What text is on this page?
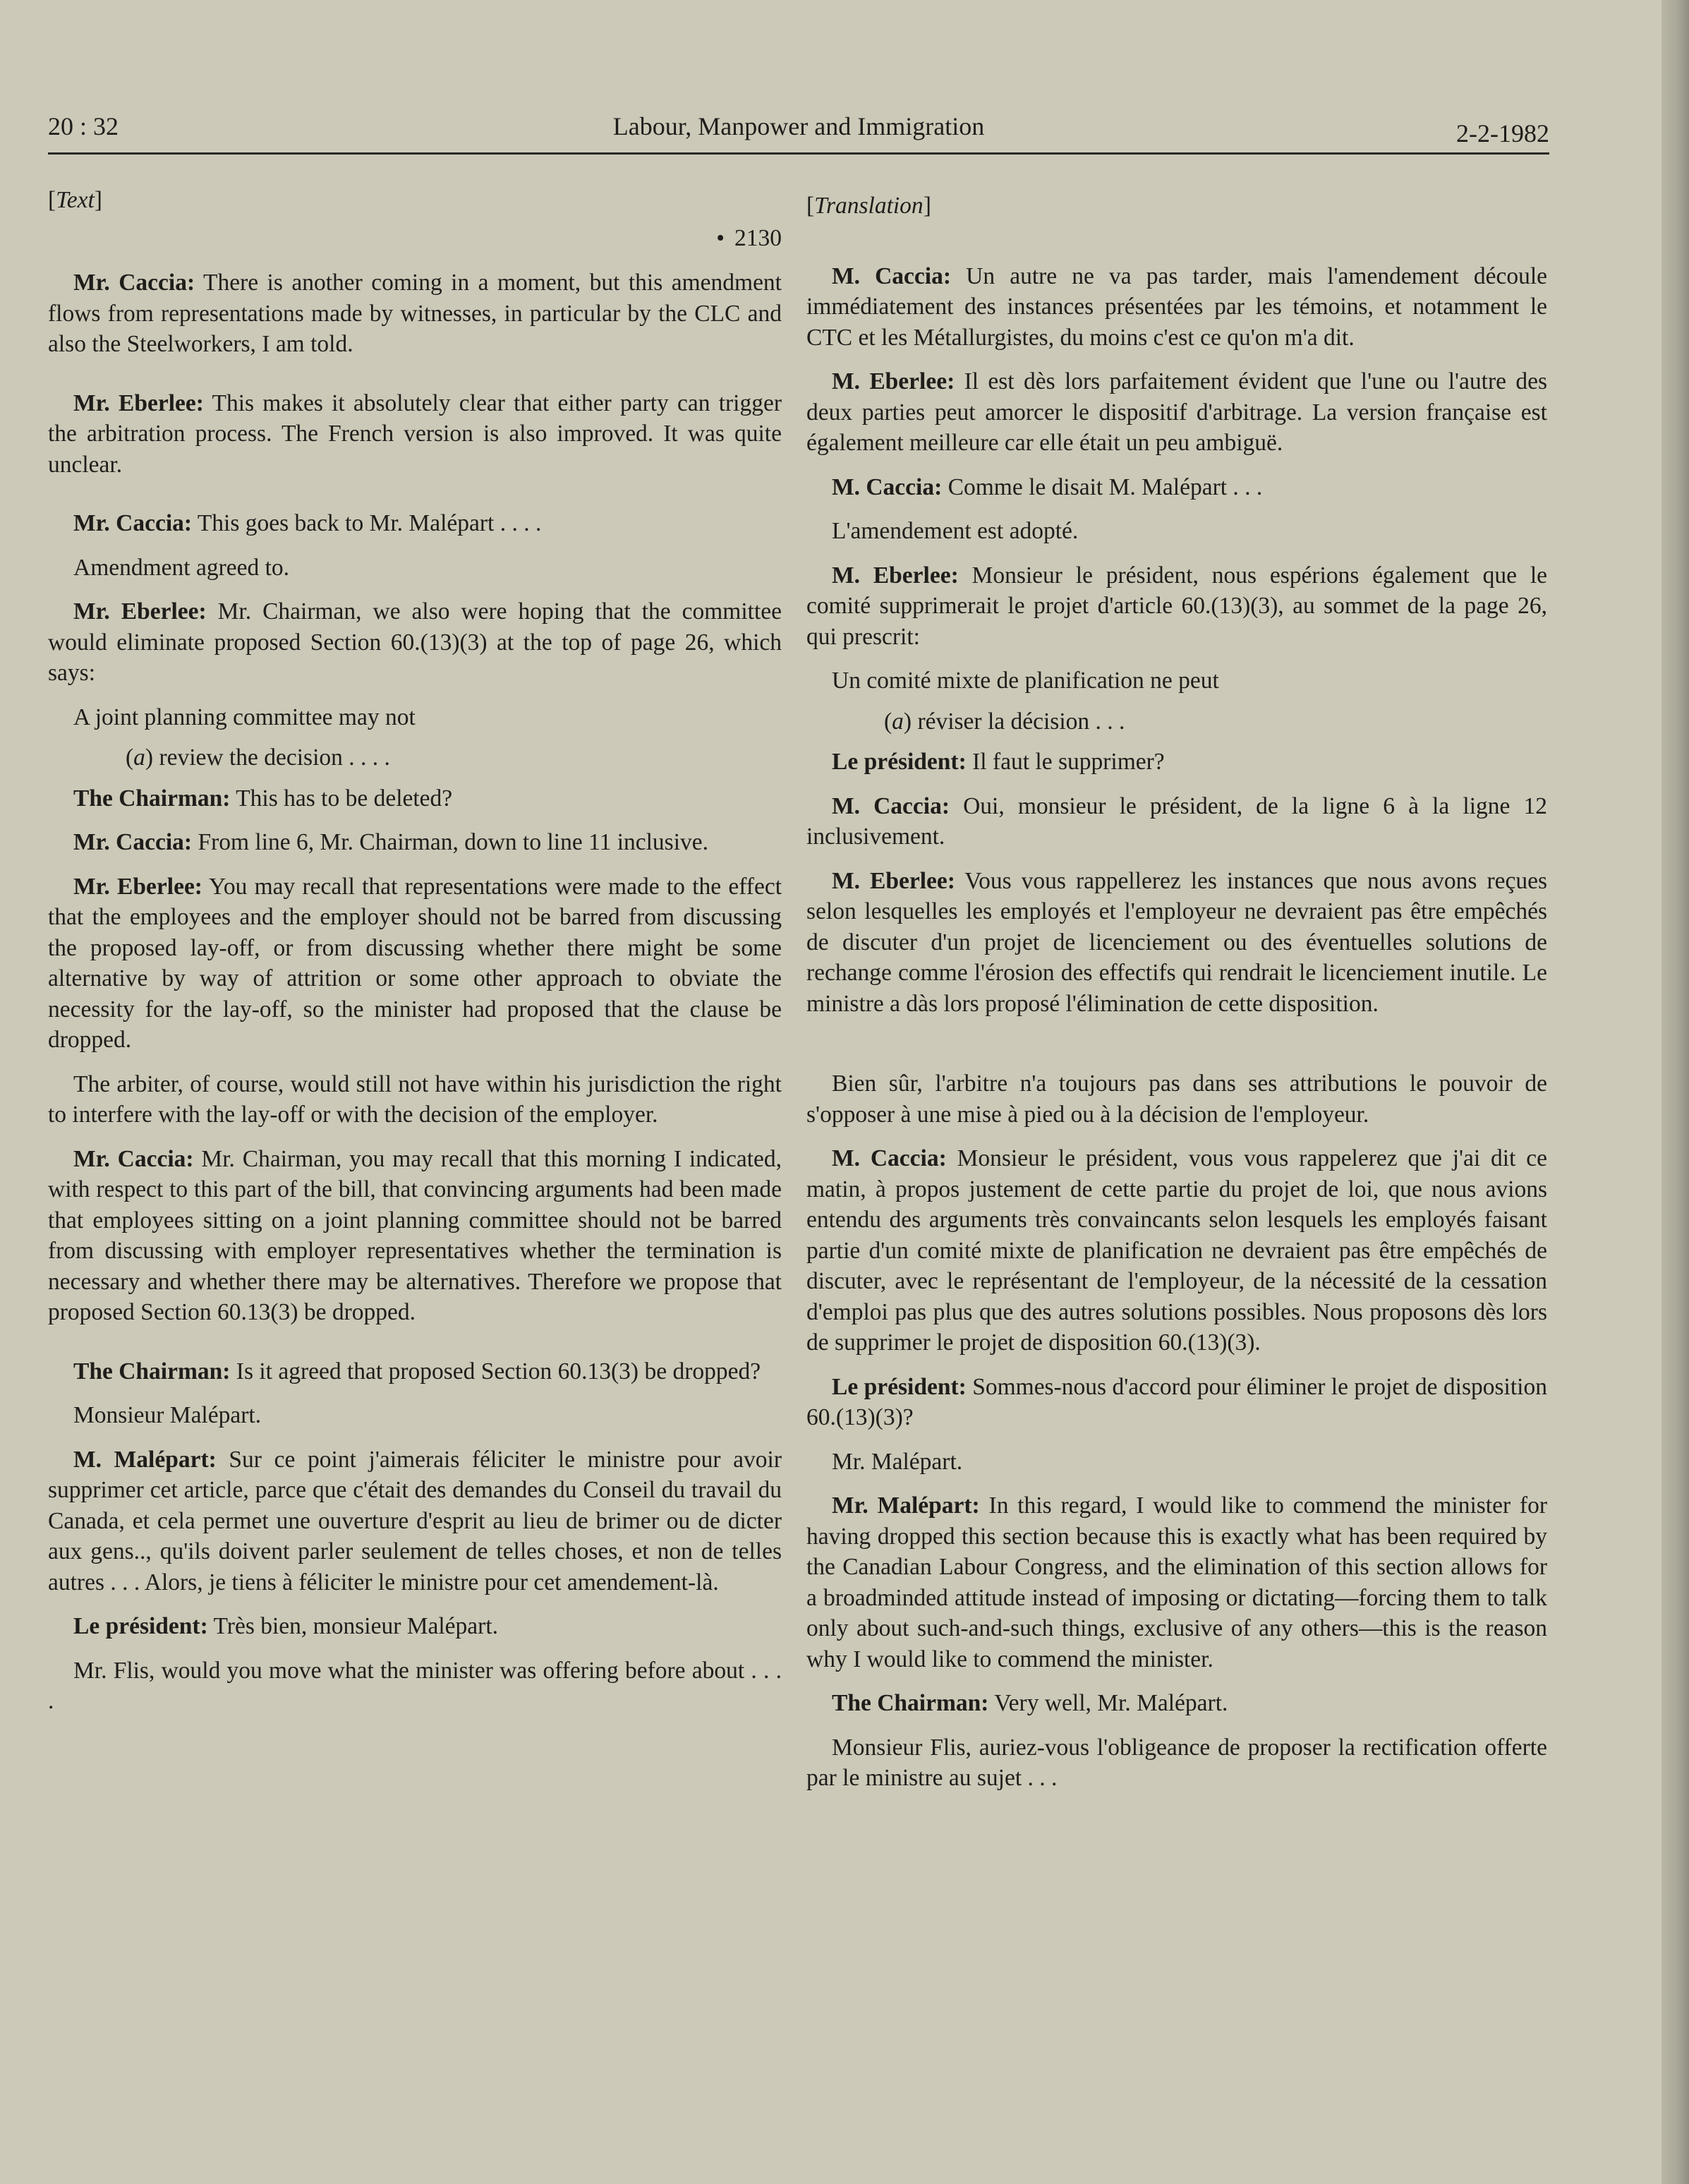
20 : 32	Labour, Manpower and Immigration	2-2-1982

[Text]

• 2130

Mr. Caccia: There is another coming in a moment, but this amendment flows from representations made by witnesses, in particular by the CLC and also the Steelworkers, I am told.

Mr. Eberlee: This makes it absolutely clear that either party can trigger the arbitration process. The French version is also improved. It was quite unclear.

Mr. Caccia: This goes back to Mr. Malépart . . . .

Amendment agreed to.

Mr. Eberlee: Mr. Chairman, we also were hoping that the committee would eliminate proposed Section 60.(13)(3) at the top of page 26, which says:

A joint planning committee may not

(a) review the decision . . . .

The Chairman: This has to be deleted?

Mr. Caccia: From line 6, Mr. Chairman, down to line 11 inclusive.

Mr. Eberlee: You may recall that representations were made to the effect that the employees and the employer should not be barred from discussing the proposed lay-off, or from discussing whether there might be some alternative by way of attrition or some other approach to obviate the necessity for the lay-off, so the minister had proposed that the clause be dropped.

The arbiter, of course, would still not have within his jurisdiction the right to interfere with the lay-off or with the decision of the employer.

Mr. Caccia: Mr. Chairman, you may recall that this morning I indicated, with respect to this part of the bill, that convincing arguments had been made that employees sitting on a joint planning committee should not be barred from discussing with employer representatives whether the termination is necessary and whether there may be alternatives. Therefore we propose that proposed Section 60.13(3) be dropped.

The Chairman: Is it agreed that proposed Section 60.13(3) be dropped?

Monsieur Malépart.

M. Malépart: Sur ce point j'aimerais féliciter le ministre pour avoir supprimer cet article, parce que c'était des demandes du Conseil du travail du Canada, et cela permet une ouverture d'esprit au lieu de brimer ou de dicter aux gens.., qu'ils doivent parler seulement de telles choses, et non de telles autres . . . Alors, je tiens à féliciter le ministre pour cet amendement-là.

Le président: Très bien, monsieur Malépart.

Mr. Flis, would you move what the minister was offering before about . . . .

[Translation]

M. Caccia: Un autre ne va pas tarder, mais l'amendement découle immédiatement des instances présentées par les témoins, et notamment le CTC et les Métallurgistes, du moins c'est ce qu'on m'a dit.

M. Eberlee: Il est dès lors parfaitement évident que l'une ou l'autre des deux parties peut amorcer le dispositif d'arbitrage. La version française est également meilleure car elle était un peu ambiguë.

M. Caccia: Comme le disait M. Malépart . . .

L'amendement est adopté.

M. Eberlee: Monsieur le président, nous espérions également que le comité supprimerait le projet d'article 60.(13)(3), au sommet de la page 26, qui prescrit:

Un comité mixte de planification ne peut

(a) réviser la décision . . .

Le président: Il faut le supprimer?

M. Caccia: Oui, monsieur le président, de la ligne 6 à la ligne 12 inclusivement.

M. Eberlee: Vous vous rappellerez les instances que nous avons reçues selon lesquelles les employés et l'employeur ne devraient pas être empêchés de discuter d'un projet de licenciement ou des éventuelles solutions de rechange comme l'érosion des effectifs qui rendrait le licenciement inutile. Le ministre a dàs lors proposé l'élimination de cette disposition.

Bien sûr, l'arbitre n'a toujours pas dans ses attributions le pouvoir de s'opposer à une mise à pied ou à la décision de l'employeur.

M. Caccia: Monsieur le président, vous vous rappelerez que j'ai dit ce matin, à propos justement de cette partie du projet de loi, que nous avions entendu des arguments très convaincants selon lesquels les employés faisant partie d'un comité mixte de planification ne devraient pas être empêchés de discuter, avec le représentant de l'employeur, de la nécessité de la cessation d'emploi pas plus que des autres solutions possibles. Nous proposons dès lors de supprimer le projet de disposition 60.(13)(3).

Le président: Sommes-nous d'accord pour éliminer le projet de disposition 60.(13)(3)?

Mr. Malépart.

Mr. Malépart: In this regard, I would like to commend the minister for having dropped this section because this is exactly what has been required by the Canadian Labour Congress, and the elimination of this section allows for a broadminded attitude instead of imposing or dictating—forcing them to talk only about such-and-such things, exclusive of any others—this is the reason why I would like to commend the minister.

The Chairman: Very well, Mr. Malépart.

Monsieur Flis, auriez-vous l'obligeance de proposer la rectification offerte par le ministre au sujet . . .
